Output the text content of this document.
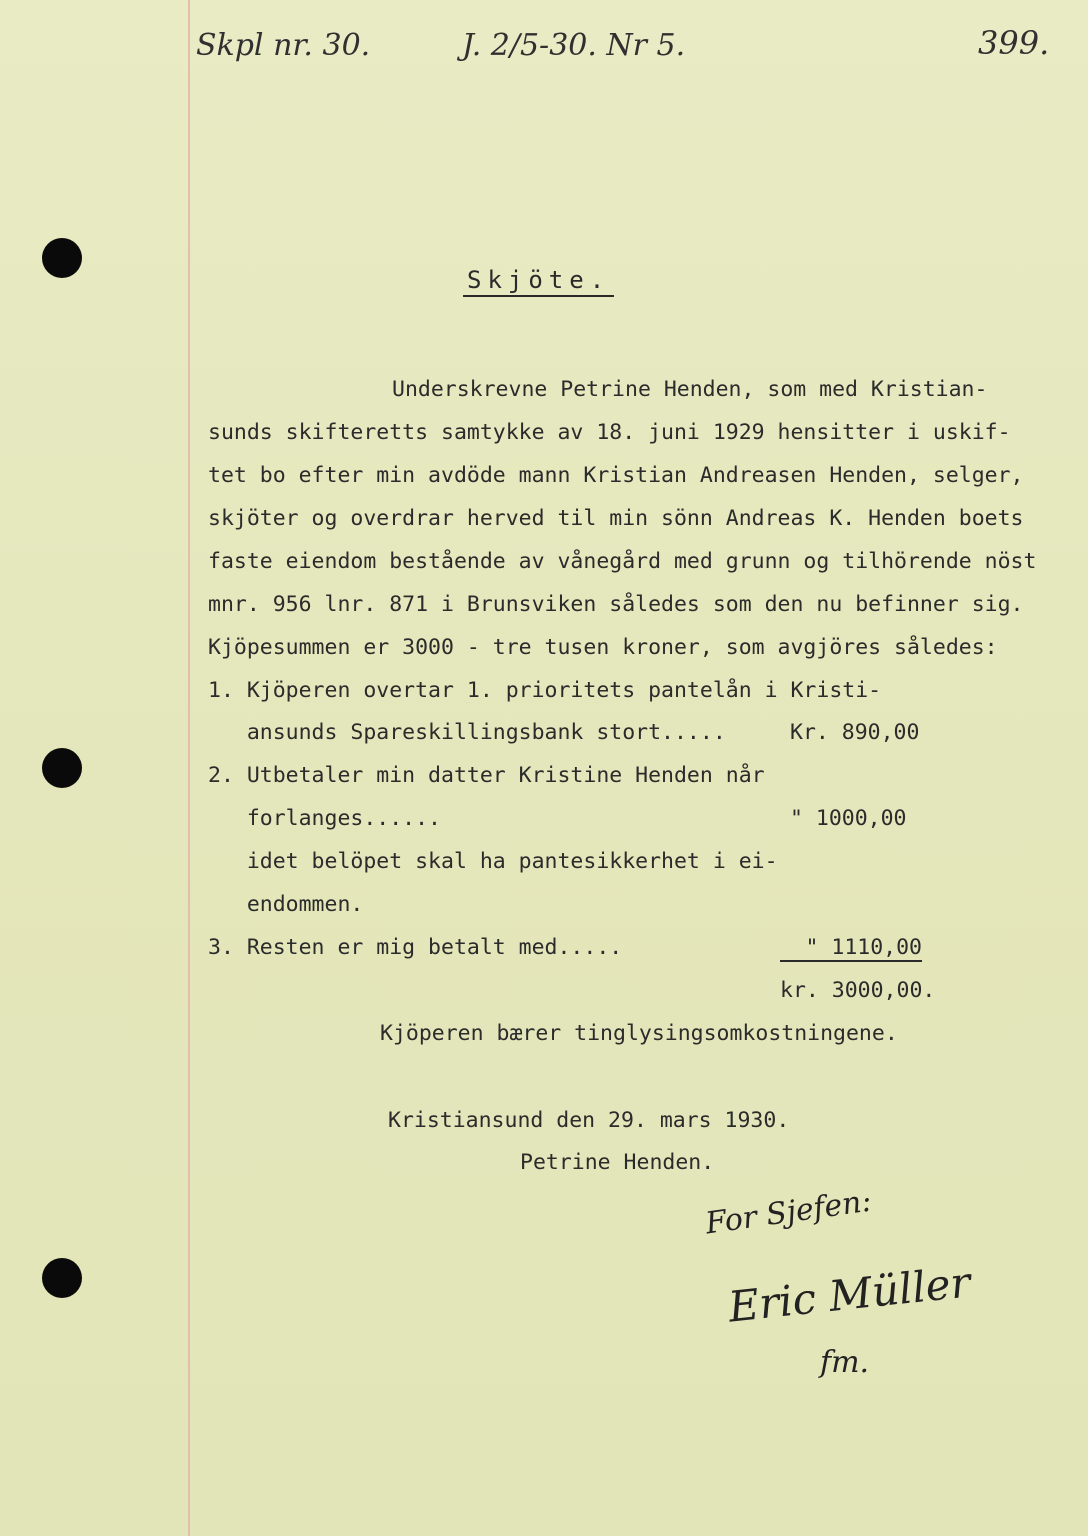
Skpl nr. 30.	J. 2/5-30. Nr 5.	399.
Skjöte.
Underskrevne Petrine Henden, som med Kristian-
sunds skifteretts samtykke av 18. juni 1929 hensitter i uskif-
tet bo efter min avdöde mann Kristian Andreasen Henden, selger,
skjöter og overdrar herved til min sönn Andreas K. Henden boets
faste eiendom bestående av vånegård med grunn og tilhörende nöst
mnr. 956 lnr. 871 i Brunsviken således som den nu befinner sig.
Kjöpesummen er 3000 - tre tusen kroner, som avgjöres således:
1. Kjöperen overtar 1. prioritets pantelån i Kristi-
ansunds Spareskillingsbank stort.....	Kr. 890,00
2. Utbetaler min datter Kristine Henden når
forlanges......	" 1000,00
idet belöpet skal ha pantesikkerhet i ei-
endommen.
3. Resten er mig betalt med.....	" 1110,00
kr. 3000,00.
Kjöperen bærer tinglysingsomkostningene.
Kristiansund den 29. mars 1930.
Petrine Henden.
For Sjefen:
Eric Müller
fm.
